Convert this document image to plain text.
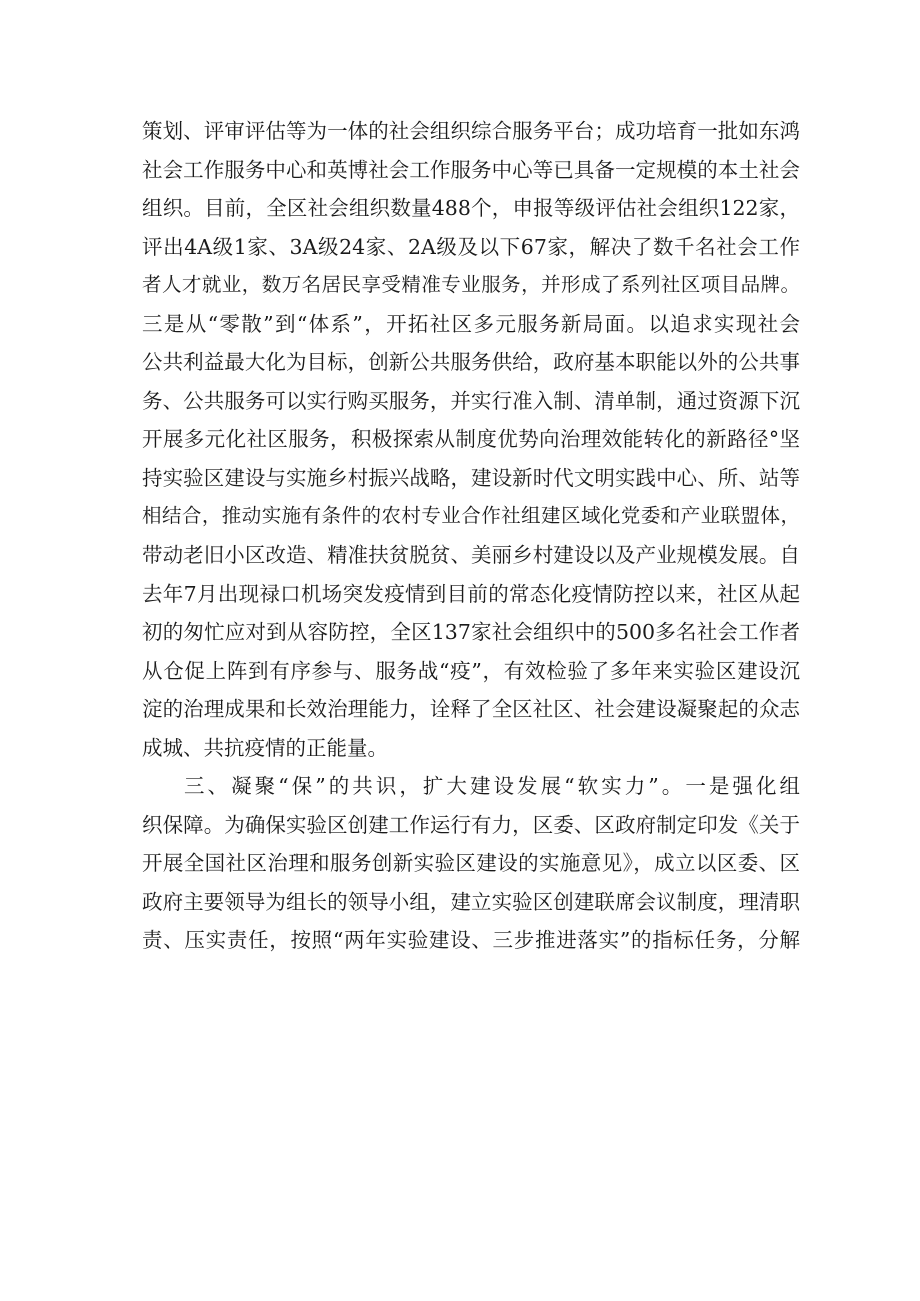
策划、评审评估等为一体的社会组织综合服务平台；成功培育一批如东鸿
社会工作服务中心和英博社会工作服务中心等已具备一定规模的本土社会
组织。目前，全区社会组织数量488个，申报等级评估社会组织122家，
评出4A级1家、3A级24家、2A级及以下67家，解决了数千名社会工作
者人才就业，数万名居民享受精准专业服务，并形成了系列社区项目品牌。
三是从“零散”到“体系”，开拓社区多元服务新局面。以追求实现社会
公共利益最大化为目标，创新公共服务供给，政府基本职能以外的公共事
务、公共服务可以实行购买服务，并实行准入制、清单制，通过资源下沉
开展多元化社区服务，积极探索从制度优势向治理效能转化的新路径°坚
持实验区建设与实施乡村振兴战略，建设新时代文明实践中心、所、站等
相结合，推动实施有条件的农村专业合作社组建区域化党委和产业联盟体，
带动老旧小区改造、精准扶贫脱贫、美丽乡村建设以及产业规模发展。自
去年7月出现禄口机场突发疫情到目前的常态化疫情防控以来，社区从起
初的匆忙应对到从容防控，全区137家社会组织中的500多名社会工作者
从仓促上阵到有序参与、服务战“疫”，有效检验了多年来实验区建设沉
淀的治理成果和长效治理能力，诠释了全区社区、社会建设凝聚起的众志
成城、共抗疫情的正能量。
三、凝聚“保”的共识，扩大建设发展“软实力”。一是强化组
织保障。为确保实验区创建工作运行有力，区委、区政府制定印发《关于
开展全国社区治理和服务创新实验区建设的实施意见》，成立以区委、区
政府主要领导为组长的领导小组，建立实验区创建联席会议制度，理清职
责、压实责任，按照“两年实验建设、三步推进落实”的指标任务，分解
